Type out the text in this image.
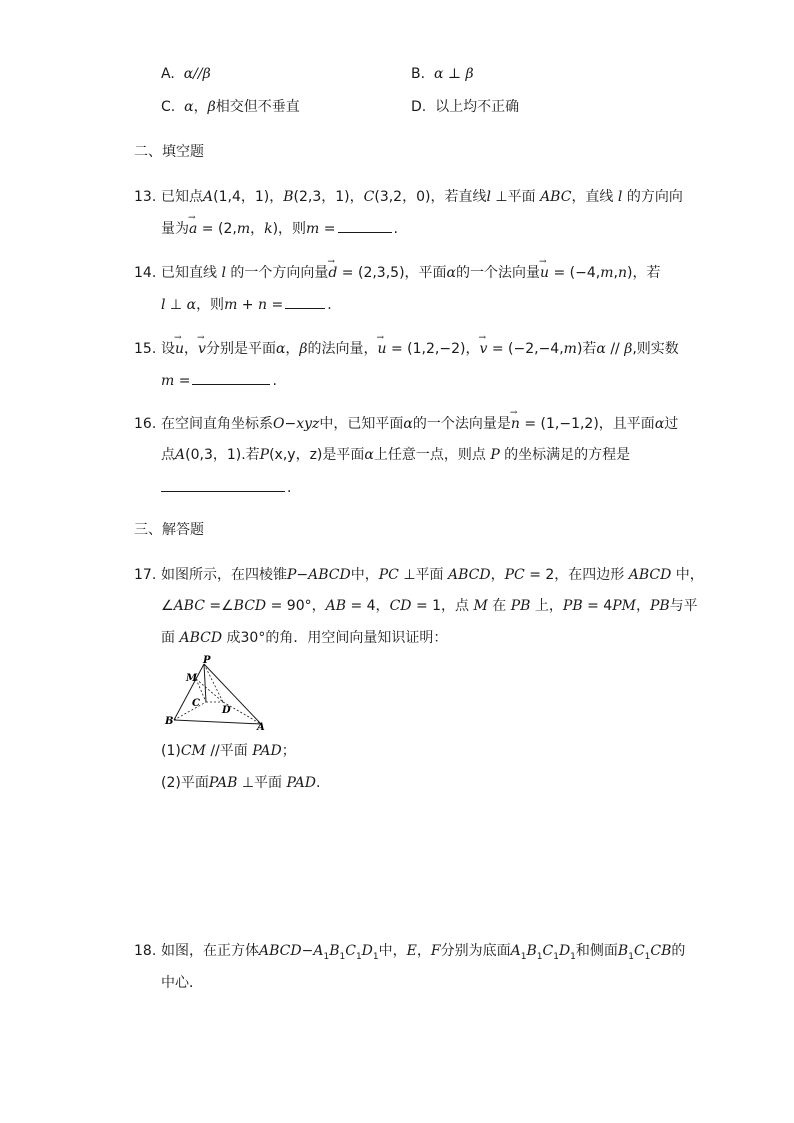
A. α//β	B. α ⊥ β
C. α，β相交但不垂直	D. 以上均不正确
二、填空题
13. 已知点A(1,4，1)，B(2,3，1)，C(3,2，0)，若直线l ⊥平面 ABC，直线 l 的方向向
量为→ a = (2,m，k)，则m =	.
14. 已知直线 l 的一个方向向量→ d = (2,3,5)，平面α的一个法向量→ u = (−4,m,n)，若
l ⊥ α，则m + n =	.
15. 设→ u，→ v分别是平面α，β的法向量，→ u = (1,2,−2)，→ v = (−2,−4,m)若α // β,则实数
m =	.
16. 在空间直角坐标系O−xyz中，已知平面α的一个法向量是→ n = (1,−1,2)，且平面α过
点A(0,3，1).若P(x,y，z)是平面α上任意一点，则点 P 的坐标满足的方程是
.
三、解答题
17. 如图所示，在四棱锥P−ABCD中，PC ⊥平面 ABCD，PC = 2，在四边形 ABCD 中，
∠ABC =∠BCD = 90°，AB = 4，CD = 1，点 M 在 PB 上，PB = 4PM，PB与平
面 ABCD 成30°的角．用空间向量知识证明：
P
M
C
D
B
A
(1)CM //平面 PAD；
(2)平面PAB ⊥平面 PAD.
18. 如图，在正方体$ABCD-A_1B_1C_1D_1$中，E，F分别为底面$A_1B_1C_1D_1$和侧面$B_1C_1CB$的
中心．
